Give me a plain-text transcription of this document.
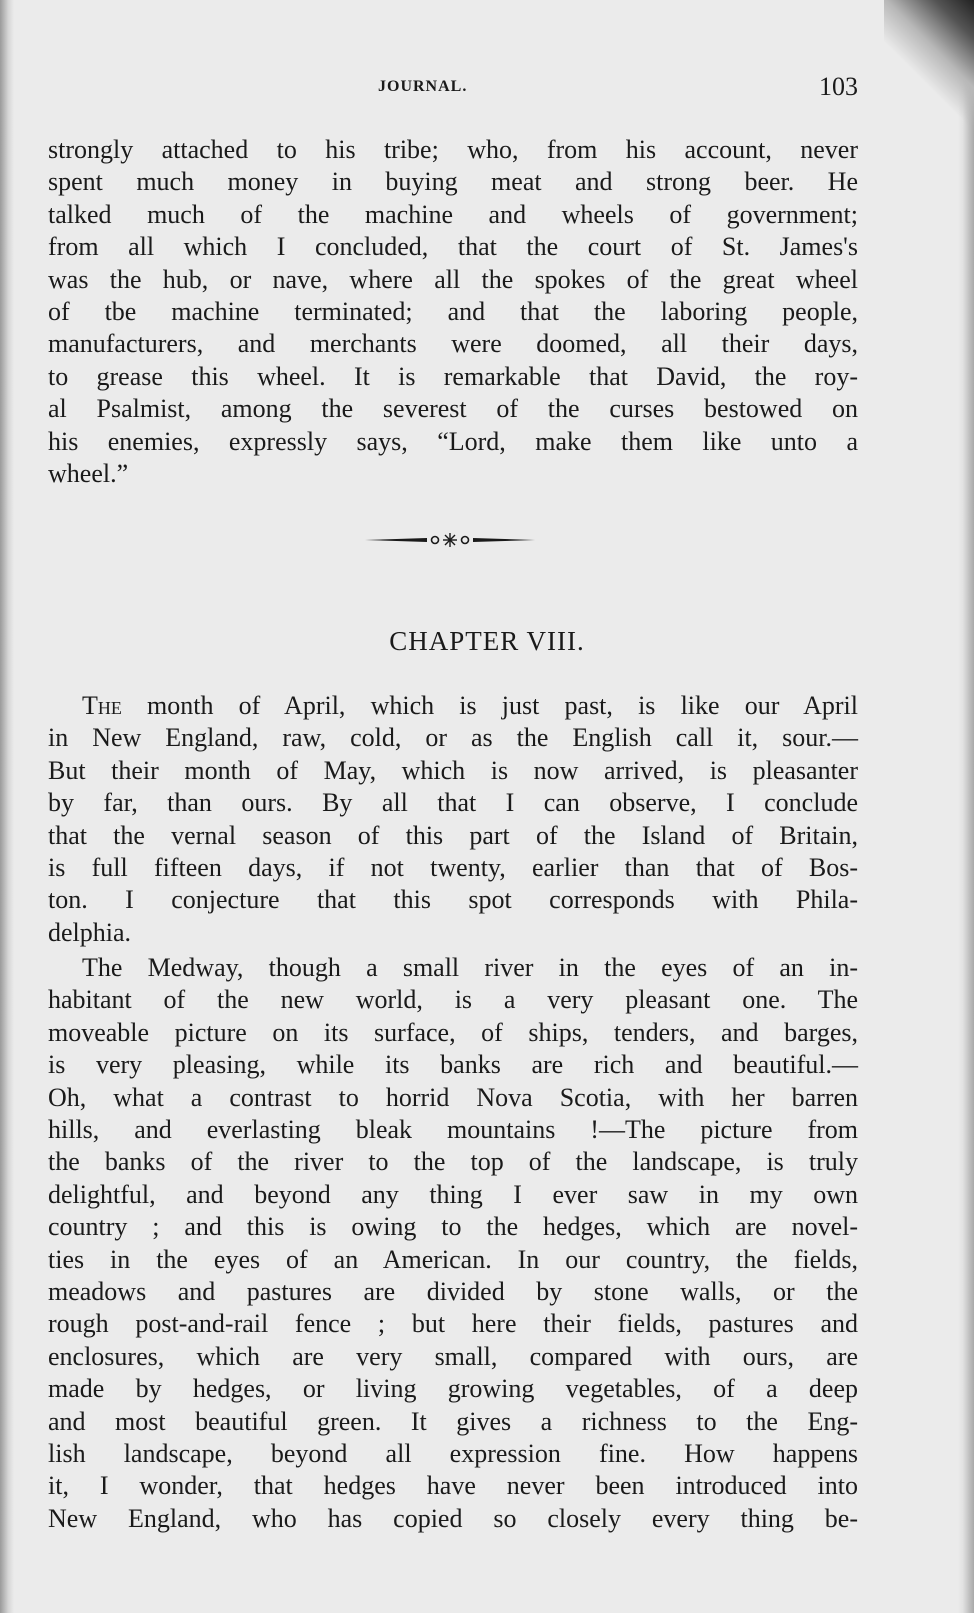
JOURNAL.	103
strongly attached to his tribe; who, from his account, never
spent much money in buying meat and strong beer. He
talked much of the machine and wheels of government;
from all which I concluded, that the court of St. James's
was the hub, or nave, where all the spokes of the great wheel
of tbe machine terminated; and that the laboring people,
manufacturers, and merchants were doomed, all their days,
to grease this wheel. It is remarkable that David, the roy-
al Psalmist, among the severest of the curses bestowed on
his enemies, expressly says, “Lord, make them like unto a
wheel.”
CHAPTER VIII.
The month of April, which is just past, is like our April
in New England, raw, cold, or as the English call it, sour.—
But their month of May, which is now arrived, is pleasanter
by far, than ours. By all that I can observe, I conclude
that the vernal season of this part of the Island of Britain,
is full fifteen days, if not twenty, earlier than that of Bos-
ton. I conjecture that this spot corresponds with Phila-
delphia.
The Medway, though a small river in the eyes of an in-
habitant of the new world, is a very pleasant one. The
moveable picture on its surface, of ships, tenders, and barges,
is very pleasing, while its banks are rich and beautiful.—
Oh, what a contrast to horrid Nova Scotia, with her barren
hills, and everlasting bleak mountains !—The picture from
the banks of the river to the top of the landscape, is truly
delightful, and beyond any thing I ever saw in my own
country ; and this is owing to the hedges, which are novel-
ties in the eyes of an American. In our country, the fields,
meadows and pastures are divided by stone walls, or the
rough post-and-rail fence ; but here their fields, pastures and
enclosures, which are very small, compared with ours, are
made by hedges, or living growing vegetables, of a deep
and most beautiful green. It gives a richness to the Eng-
lish landscape, beyond all expression fine. How happens
it, I wonder, that hedges have never been introduced into
New England, who has copied so closely every thing be-
